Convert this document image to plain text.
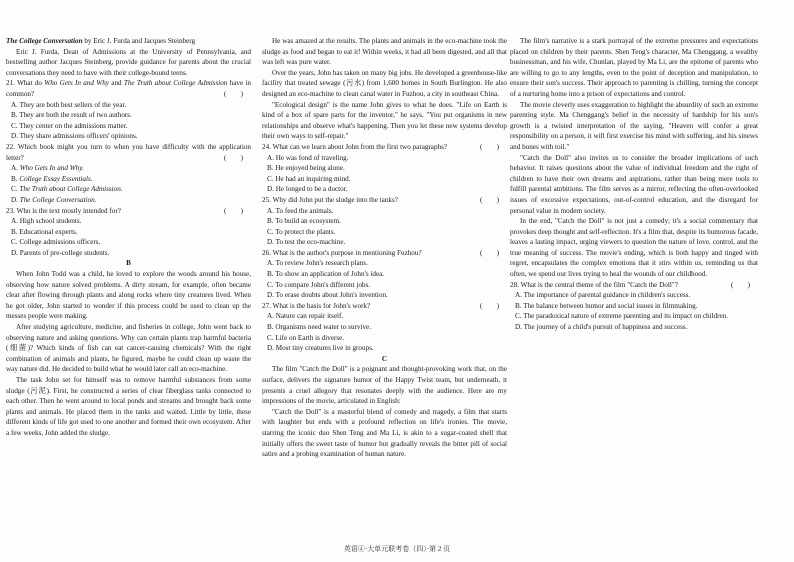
The College Conversation by Eric J. Furda and Jacques Steinberg

Eric J. Furda, Dean of Admissions at the University of Pennsylvania, and bestselling author Jacques Steinberg, provide guidance for parents about the crucial conversations they need to have with their college-bound teens.

21. What do Who Gets In and Why and The Truth about College Admission have in common?	(　　)

A. They are both best sellers of the year.

B. They are both the result of two authors.

C. They center on the admissions matter.

D. They share admissions officers' opinions.

22. Which book might you turn to when you have difficulty with the application letter?	(　　)

A. Who Gets In and Why.

B. College Essay Essentials.

C. The Truth about College Admission.

D. The College Conversation.

23. Who is the text mostly intended for?	(　　)

A. High school students.

B. Educational experts.

C. College admissions officers.

D. Parents of pre-college students.

B

When John Todd was a child, he loved to explore the woods around his house, observing how nature solved problems. A dirty stream, for example, often became clear after flowing through plants and along rocks where tiny creatures lived. When he got older, John started to wonder if this process could be used to clean up the messes people were making.

After studying agriculture, medicine, and fisheries in college, John went back to observing nature and asking questions. Why can certain plants trap harmful bacteria (细菌)? Which kinds of fish can eat cancer-causing chemicals? With the right combination of animals and plants, he figured, maybe he could clean up waste the way nature did. He decided to build what he would later call an eco-machine.

The task John set for himself was to remove harmful substances from some sludge (污泥). First, he constructed a series of clear fiberglass tanks connected to each other. Then he went around to local ponds and streams and brought back some plants and animals. He placed them in the tanks and waited. Little by little, these different kinds of life got used to one another and formed their own ecosystem. After a few weeks, John added the sludge.

He was amazed at the results. The plants and animals in the eco-machine took the sludge as food and began to eat it! Within weeks, it had all been digested, and all that was left was pure water.

Over the years, John has taken on many big jobs. He developed a greenhouse-like facility that treated sewage (污水) from 1,600 homes in South Burlington. He also designed an eco-machine to clean canal water in Fuzhou, a city in southeast China.

"Ecological design" is the name John gives to what he does. "Life on Earth is kind of a box of spare parts for the inventor," he says. "You put organisms in new relationships and observe what's happening. Then you let these new systems develop their own ways to self-repair."

24. What can we learn about John from the first two paragraphs?	(　　)

A. He was fond of traveling.

B. He enjoyed being alone.

C. He had an inquiring mind.

D. He longed to be a doctor.

25. Why did John put the sludge into the tanks?	(　　)

A. To feed the animals.

B. To build an ecosystem.

C. To protect the plants.

D. To test the eco-machine.

26. What is the author's purpose in mentioning Fuzhou?	(　　)

A. To review John's research plans.

B. To show an application of John's idea.

C. To compare John's different jobs.

D. To erase doubts about John's invention.

27. What is the basis for John's work?	(　　)

A. Nature can repair itself.

B. Organisms need water to survive.

C. Life on Earth is diverse.

D. Most tiny creatures live in groups.

C

The film "Catch the Doll" is a poignant and thought-provoking work that, on the surface, delivers the signature humor of the Happy Twist team, but underneath, it presents a cruel allegory that resonates deeply with the audience. Here are my impressions of the movie, articulated in English:

"Catch the Doll" is a masterful blend of comedy and tragedy, a film that starts with laughter but ends with a profound reflection on life's ironies. The movie, starring the iconic duo Shen Teng and Ma Li, is akin to a sugar-coated shell that initially offers the sweet taste of humor but gradually reveals the bitter pill of social satire and a probing examination of human nature.

The film's narrative is a stark portrayal of the extreme pressures and expectations placed on children by their parents. Shen Teng's character, Ma Chenggang, a wealthy businessman, and his wife, Chunlan, played by Ma Li, are the epitome of parents who are willing to go to any lengths, even to the point of deception and manipulation, to ensure their son's success. Their approach to parenting is chilling, turning the concept of a nurturing home into a prison of expectations and control.

The movie cleverly uses exaggeration to highlight the absurdity of such an extreme parenting style. Ma Chenggang's belief in the necessity of hardship for his son's growth is a twisted interpretation of the saying, "Heaven will confer a great responsibility on a person, it will first exercise his mind with suffering, and his sinews and bones with toil."

"Catch the Doll" also invites us to consider the broader implications of such behavior. It raises questions about the value of individual freedom and the right of children to have their own dreams and aspirations, rather than being mere tools to fulfill parental ambitions. The film serves as a mirror, reflecting the often-overlooked issues of excessive expectations, out-of-control education, and the disregard for personal value in modern society.

In the end, "Catch the Doll" is not just a comedy; it's a social commentary that provokes deep thought and self-reflection. It's a film that, despite its humorous facade, leaves a lasting impact, urging viewers to question the nature of love, control, and the true meaning of success. The movie's ending, which is both happy and tinged with regret, encapsulates the complex emotions that it stirs within us, reminding us that often, we spend our lives trying to heal the wounds of our childhood.

28. What is the central theme of the film "Catch the Doll"?	(　　)

A. The importance of parental guidance in children's success.

B. The balance between humor and social issues in filmmaking.

C. The paradoxical nature of extreme parenting and its impact on children.

D. The journey of a child's pursuit of happiness and success.

英语④·大单元联考卷（四）·第 2 页
